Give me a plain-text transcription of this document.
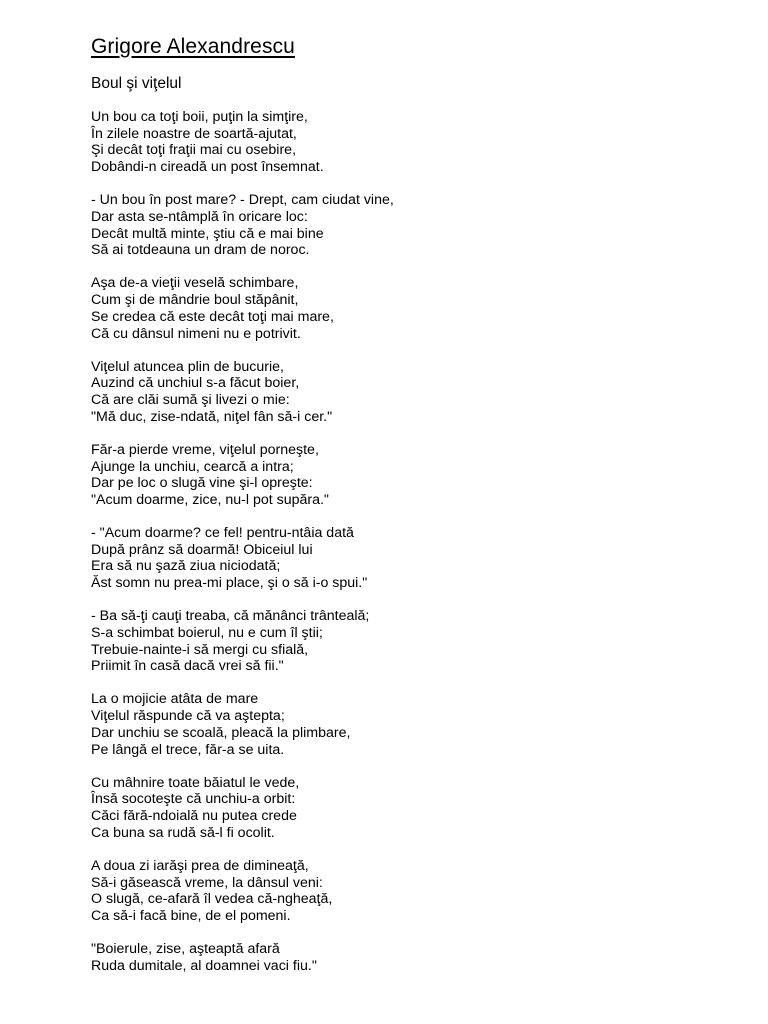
Grigore Alexandrescu
Boul şi viţelul
Un bou ca toţi boii, puţin la simţire,
În zilele noastre de soartă-ajutat,
Şi decât toţi fraţii mai cu osebire,
Dobândi-n cireadă un post însemnat.
- Un bou în post mare? - Drept, cam ciudat vine,
Dar asta se-ntâmplă în oricare loc:
Decât multă minte, ştiu că e mai bine
Să ai totdeauna un dram de noroc.
Aşa de-a vieţii veselă schimbare,
Cum şi de mândrie boul stăpânit,
Se credea că este decât toţi mai mare,
Că cu dânsul nimeni nu e potrivit.
Viţelul atuncea plin de bucurie,
Auzind că unchiul s-a făcut boier,
Că are clăi sumă şi livezi o mie:
"Mă duc, zise-ndată, niţel fân să-i cer."
Făr-a pierde vreme, viţelul porneşte,
Ajunge la unchiu, cearcă a intra;
Dar pe loc o slugă vine şi-l opreşte:
"Acum doarme, zice, nu-l pot supăra."
- "Acum doarme? ce fel! pentru-ntâia dată
După prânz să doarmă! Obiceiul lui
Era să nu şază ziua niciodată;
Ăst somn nu prea-mi place, şi o să i-o spui."
- Ba să-ţi cauţi treaba, că mănânci trânteală;
S-a schimbat boierul, nu e cum îl ştii;
Trebuie-nainte-i să mergi cu sfială,
Priimit în casă dacă vrei să fii."
La o mojicie atâta de mare
Viţelul răspunde că va aştepta;
Dar unchiu se scoală, pleacă la plimbare,
Pe lângă el trece, făr-a se uita.
Cu mâhnire toate băiatul le vede,
Însă socoteşte că unchiu-a orbit:
Căci fără-ndoială nu putea crede
Ca buna sa rudă să-l fi ocolit.
A doua zi iarăşi prea de dimineaţă,
Să-i găsească vreme, la dânsul veni:
O slugă, ce-afară îl vedea că-ngheaţă,
Ca să-i facă bine, de el pomeni.
"Boierule, zise, aşteaptă afară
Ruda dumitale, al doamnei vaci fiu."
